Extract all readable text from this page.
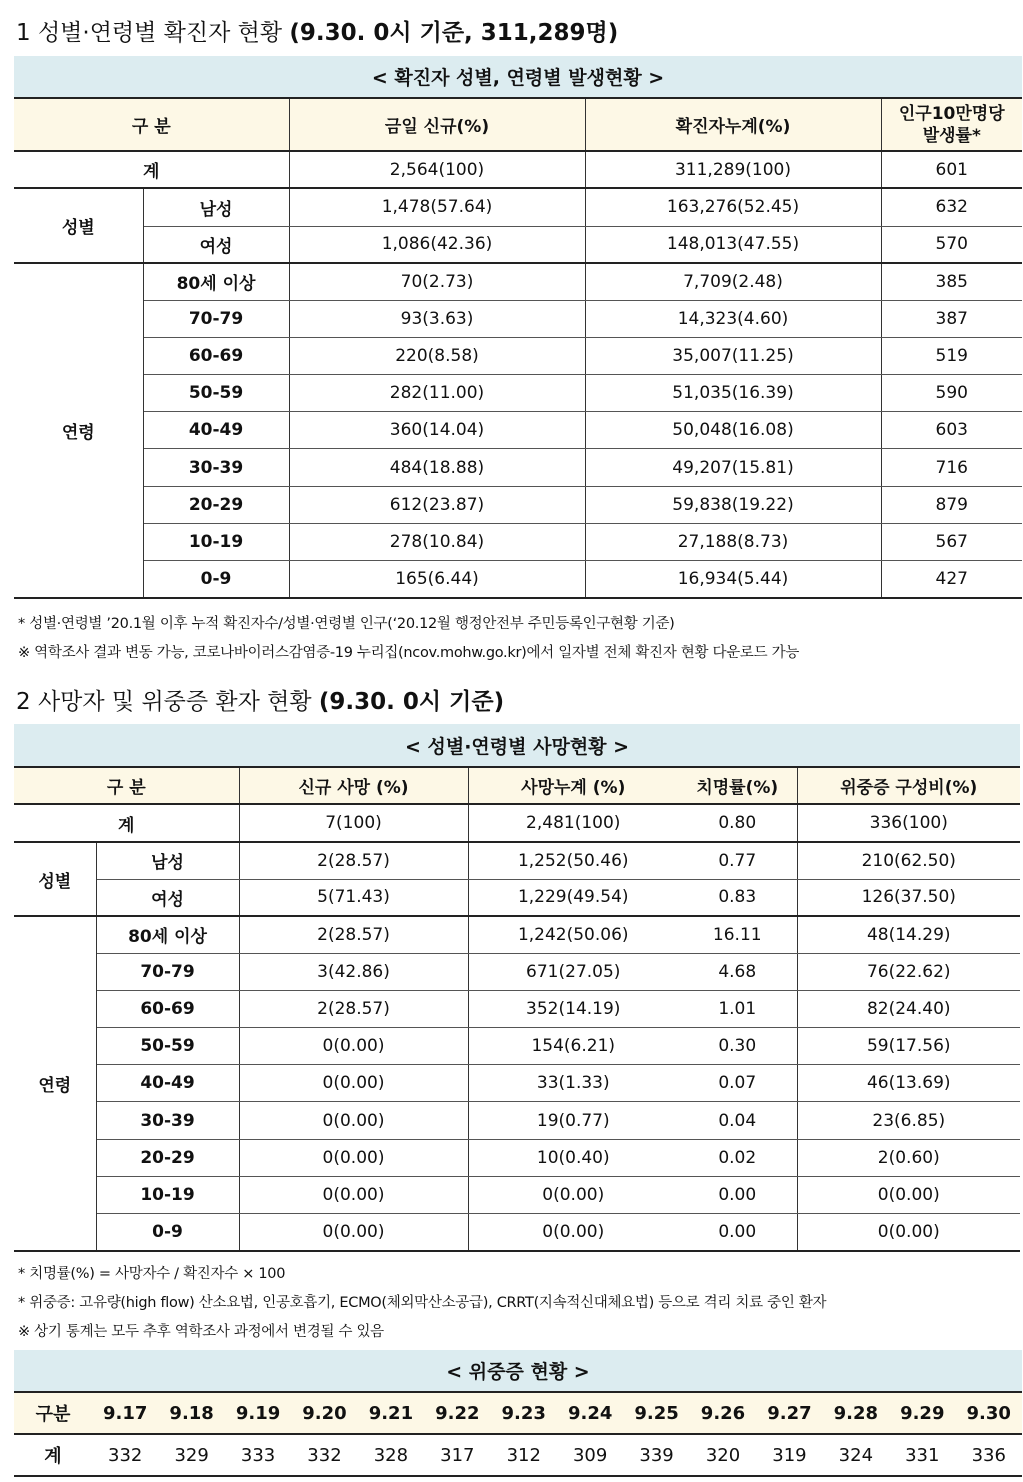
1 성별·연령별 확진자 현황 (9.30. 0시 기준, 311,289명)
< 확진자 성별, 연령별 발생현황 >				
구 분		금일 신규(%)	확진자누계(%)	인구10만명당
발생률*
계		2,564(100)	311,289(100)	601
성별	남성	1,478(57.64)	163,276(52.45)	632
	여성	1,086(42.36)	148,013(47.55)	570
연령	80세 이상	70(2.73)	7,709(2.48)	385
	70-79	93(3.63)	14,323(4.60)	387
	60-69	220(8.58)	35,007(11.25)	519
	50-59	282(11.00)	51,035(16.39)	590
	40-49	360(14.04)	50,048(16.08)	603
	30-39	484(18.88)	49,207(15.81)	716
	20-29	612(23.87)	59,838(19.22)	879
	10-19	278(10.84)	27,188(8.73)	567
	0-9	165(6.44)	16,934(5.44)	427
* 성별·연령별 ’20.1월 이후 누적 확진자수/성별·연령별 인구(‘20.12월 행정안전부 주민등록인구현황 기준)
※ 역학조사 결과 변동 가능, 코로나바이러스감염증-19 누리집(ncov.mohw.go.kr)에서 일자별 전체 확진자 현황 다운로드 가능
2 사망자 및 위중증 환자 현황 (9.30. 0시 기준)
< 성별·연령별 사망현황 >					
구 분		신규 사망 (%)	사망누계 (%)	치명률(%)	위중증 구성비(%)
계		7(100)	2,481(100)	0.80	336(100)
성별	남성	2(28.57)	1,252(50.46)	0.77	210(62.50)
	여성	5(71.43)	1,229(49.54)	0.83	126(37.50)
연령	80세 이상	2(28.57)	1,242(50.06)	16.11	48(14.29)
	70-79	3(42.86)	671(27.05)	4.68	76(22.62)
	60-69	2(28.57)	352(14.19)	1.01	82(24.40)
	50-59	0(0.00)	154(6.21)	0.30	59(17.56)
	40-49	0(0.00)	33(1.33)	0.07	46(13.69)
	30-39	0(0.00)	19(0.77)	0.04	23(6.85)
	20-29	0(0.00)	10(0.40)	0.02	2(0.60)
	10-19	0(0.00)	0(0.00)	0.00	0(0.00)
	0-9	0(0.00)	0(0.00)	0.00	0(0.00)
* 치명률(%) = 사망자수 / 확진자수 × 100
* 위중증: 고유량(high flow) 산소요법, 인공호흡기, ECMO(체외막산소공급), CRRT(지속적신대체요법) 등으로 격리 치료 중인 환자
※ 상기 통계는 모두 추후 역학조사 과정에서 변경될 수 있음
< 위중증 현황 >														
구분	9.17	9.18	9.19	9.20	9.21	9.22	9.23	9.24	9.25	9.26	9.27	9.28	9.29	9.30
계	332	329	333	332	328	317	312	309	339	320	319	324	331	336
